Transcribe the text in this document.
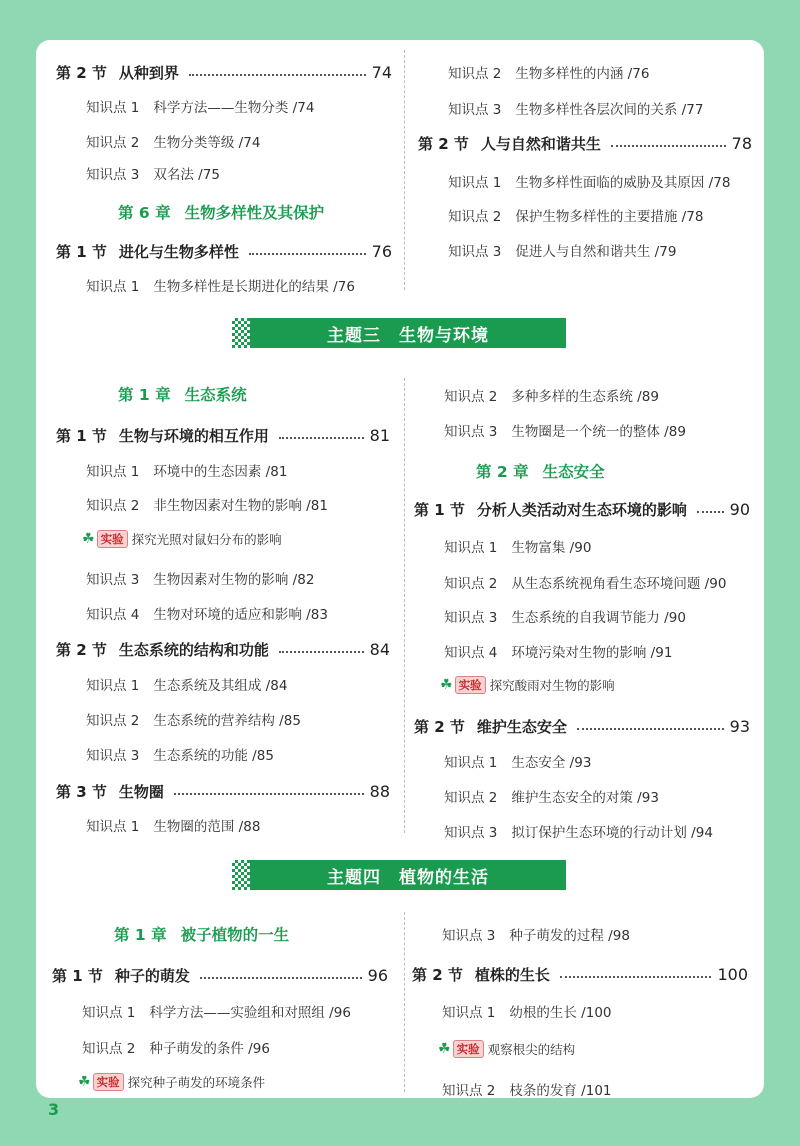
第 2 节 从种到界	74
知识点 1 科学方法——生物分类 /74
知识点 2 生物分类等级 /74
知识点 3 双名法 /75
第 6 章 生物多样性及其保护
第 1 节 进化与生物多样性	76
知识点 1 生物多样性是长期进化的结果 /76
知识点 2 生物多样性的内涵 /76
知识点 3 生物多样性各层次间的关系 /77
第 2 节 人与自然和谐共生	78
知识点 1 生物多样性面临的威胁及其原因 /78
知识点 2 保护生物多样性的主要措施 /78
知识点 3 促进人与自然和谐共生 /79
主题三 生物与环境
第 1 章 生态系统
第 1 节 生物与环境的相互作用	81
知识点 1 环境中的生态因素 /81
知识点 2 非生物因素对生物的影响 /81
☘ 实验 探究光照对鼠妇分布的影响
知识点 3 生物因素对生物的影响 /82
知识点 4 生物对环境的适应和影响 /83
第 2 节 生态系统的结构和功能	84
知识点 1 生态系统及其组成 /84
知识点 2 生态系统的营养结构 /85
知识点 3 生态系统的功能 /85
第 3 节 生物圈	88
知识点 1 生物圈的范围 /88
知识点 2 多种多样的生态系统 /89
知识点 3 生物圈是一个统一的整体 /89
第 2 章 生态安全
第 1 节 分析人类活动对生态环境的影响	90
知识点 1 生物富集 /90
知识点 2 从生态系统视角看生态环境问题 /90
知识点 3 生态系统的自我调节能力 /90
知识点 4 环境污染对生物的影响 /91
☘ 实验 探究酸雨对生物的影响
第 2 节 维护生态安全	93
知识点 1 生态安全 /93
知识点 2 维护生态安全的对策 /93
知识点 3 拟订保护生态环境的行动计划 /94
主题四 植物的生活
第 1 章 被子植物的一生
第 1 节 种子的萌发	96
知识点 1 科学方法——实验组和对照组 /96
知识点 2 种子萌发的条件 /96
☘ 实验 探究种子萌发的环境条件
知识点 3 种子萌发的过程 /98
第 2 节 植株的生长	100
知识点 1 幼根的生长 /100
☘ 实验 观察根尖的结构
知识点 2 枝条的发育 /101
3
